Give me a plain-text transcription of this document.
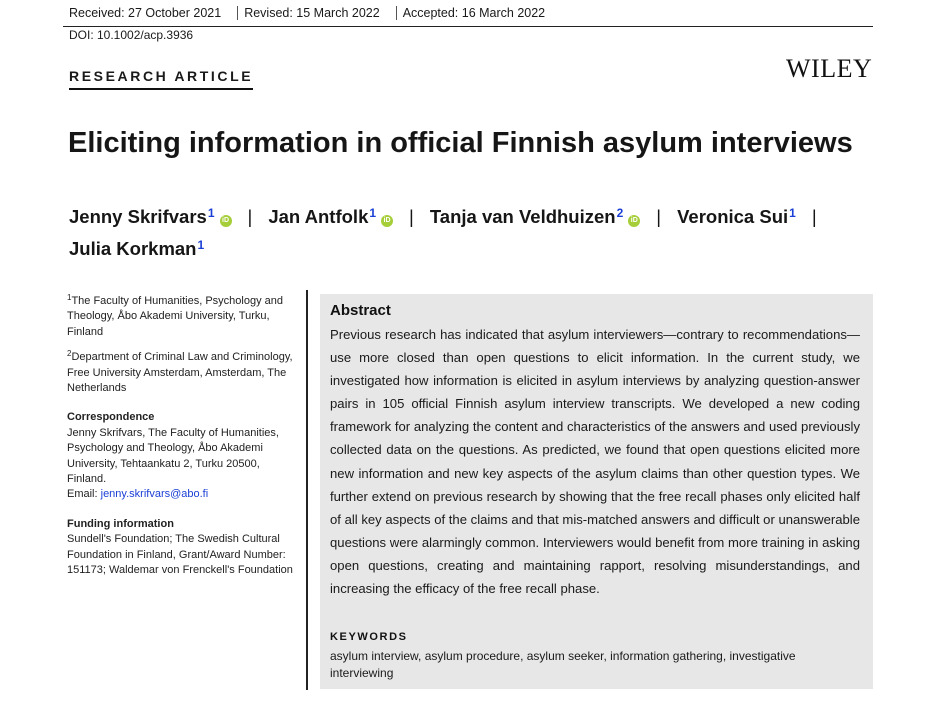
Received: 27 October 2021	Revised: 15 March 2022	Accepted: 16 March 2022
DOI: 10.1002/acp.3936
RESEARCH ARTICLE	WILEY
Eliciting information in official Finnish asylum interviews
Jenny Skrifvars$^1$iD | Jan Antfolk$^1$iD | Tanja van Veldhuizen$^2$iD | Veronica Sui$^1$ |
Julia Korkman$^1$

$^1$The Faculty of Humanities, Psychology and Theology, Åbo Akademi University, Turku, Finland

$^2$Department of Criminal Law and Criminology, Free University Amsterdam, Amsterdam, The Netherlands

Correspondence

Jenny Skrifvars, The Faculty of Humanities, Psychology and Theology, Åbo Akademi University, Tehtaankatu 2, Turku 20500, Finland.

Email: jenny.skrifvars@abo.fi

Funding information

Sundell's Foundation; The Swedish Cultural Foundation in Finland, Grant/Award Number: 151173; Waldemar von Frenckell's Foundation

Abstract
Previous research has indicated that asylum interviewers—contrary to recommendations—use more closed than open questions to elicit information. In the current study, we investigated how information is elicited in asylum interviews by analyzing question-answer pairs in 105 official Finnish asylum interview transcripts. We developed a new coding framework for analyzing the content and characteristics of the answers and used previously collected data on the questions. As predicted, we found that open questions elicited more new information and new key aspects of the asylum claims than other question types. We further extend on previous research by showing that the free recall phases only elicited half of all key aspects of the claims and that mis-matched answers and difficult or unanswerable questions were alarmingly common. Interviewers would benefit from more training in asking open questions, creating and maintaining rapport, resolving misunderstandings, and increasing the efficacy of the free recall phase.
KEYWORDS
asylum interview, asylum procedure, asylum seeker, information gathering, investigative interviewing
